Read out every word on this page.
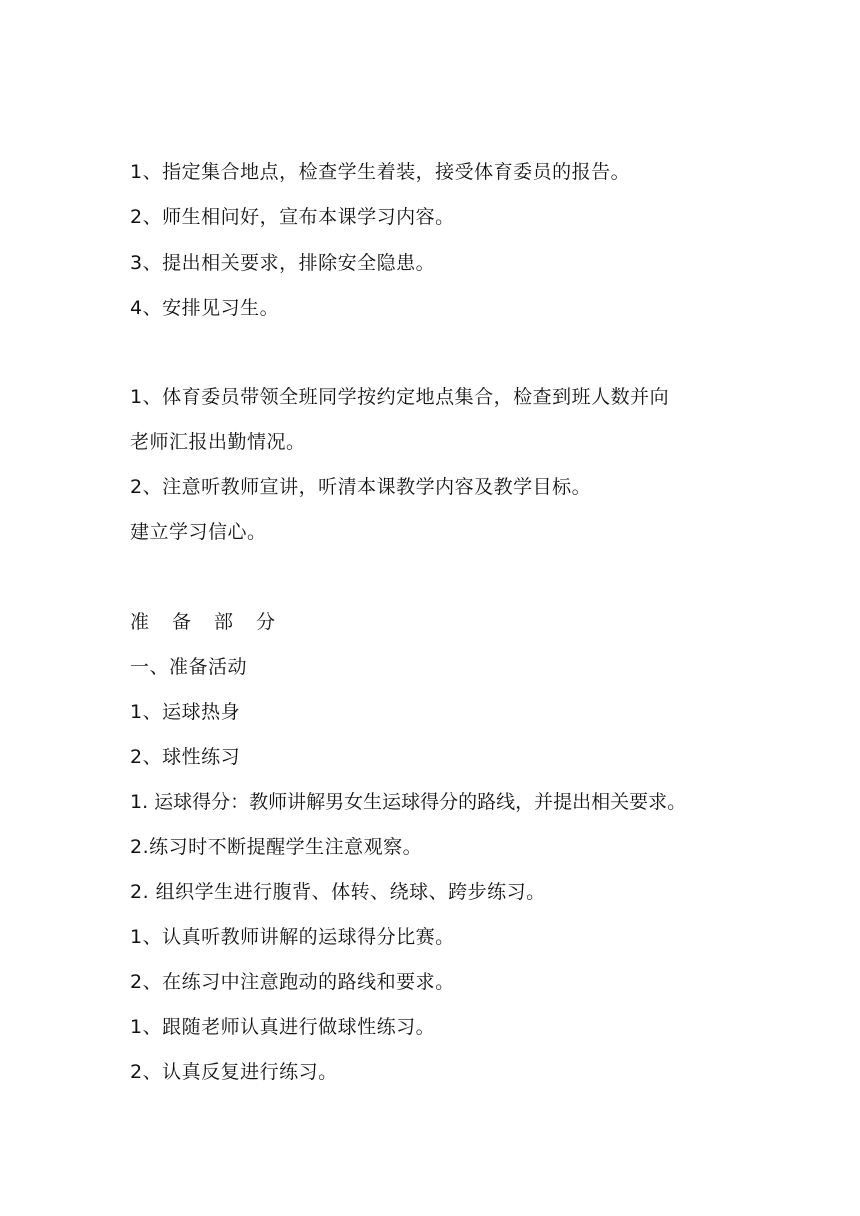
1、指定集合地点，检查学生着装，接受体育委员的报告。
2、师生相问好，宣布本课学习内容。
3、提出相关要求，排除安全隐患。
4、安排见习生。
1、体育委员带领全班同学按约定地点集合，检查到班人数并向
老师汇报出勤情况。
2、注意听教师宣讲，听清本课教学内容及教学目标。
建立学习信心。
准备部分
一、准备活动
1、运球热身
2、球性练习
1. 运球得分：教师讲解男女生运球得分的路线，并提出相关要求。
2.练习时不断提醒学生注意观察。
2. 组织学生进行腹背、体转、绕球、跨步练习。
1、认真听教师讲解的运球得分比赛。
2、在练习中注意跑动的路线和要求。
1、跟随老师认真进行做球性练习。
2、认真反复进行练习。
